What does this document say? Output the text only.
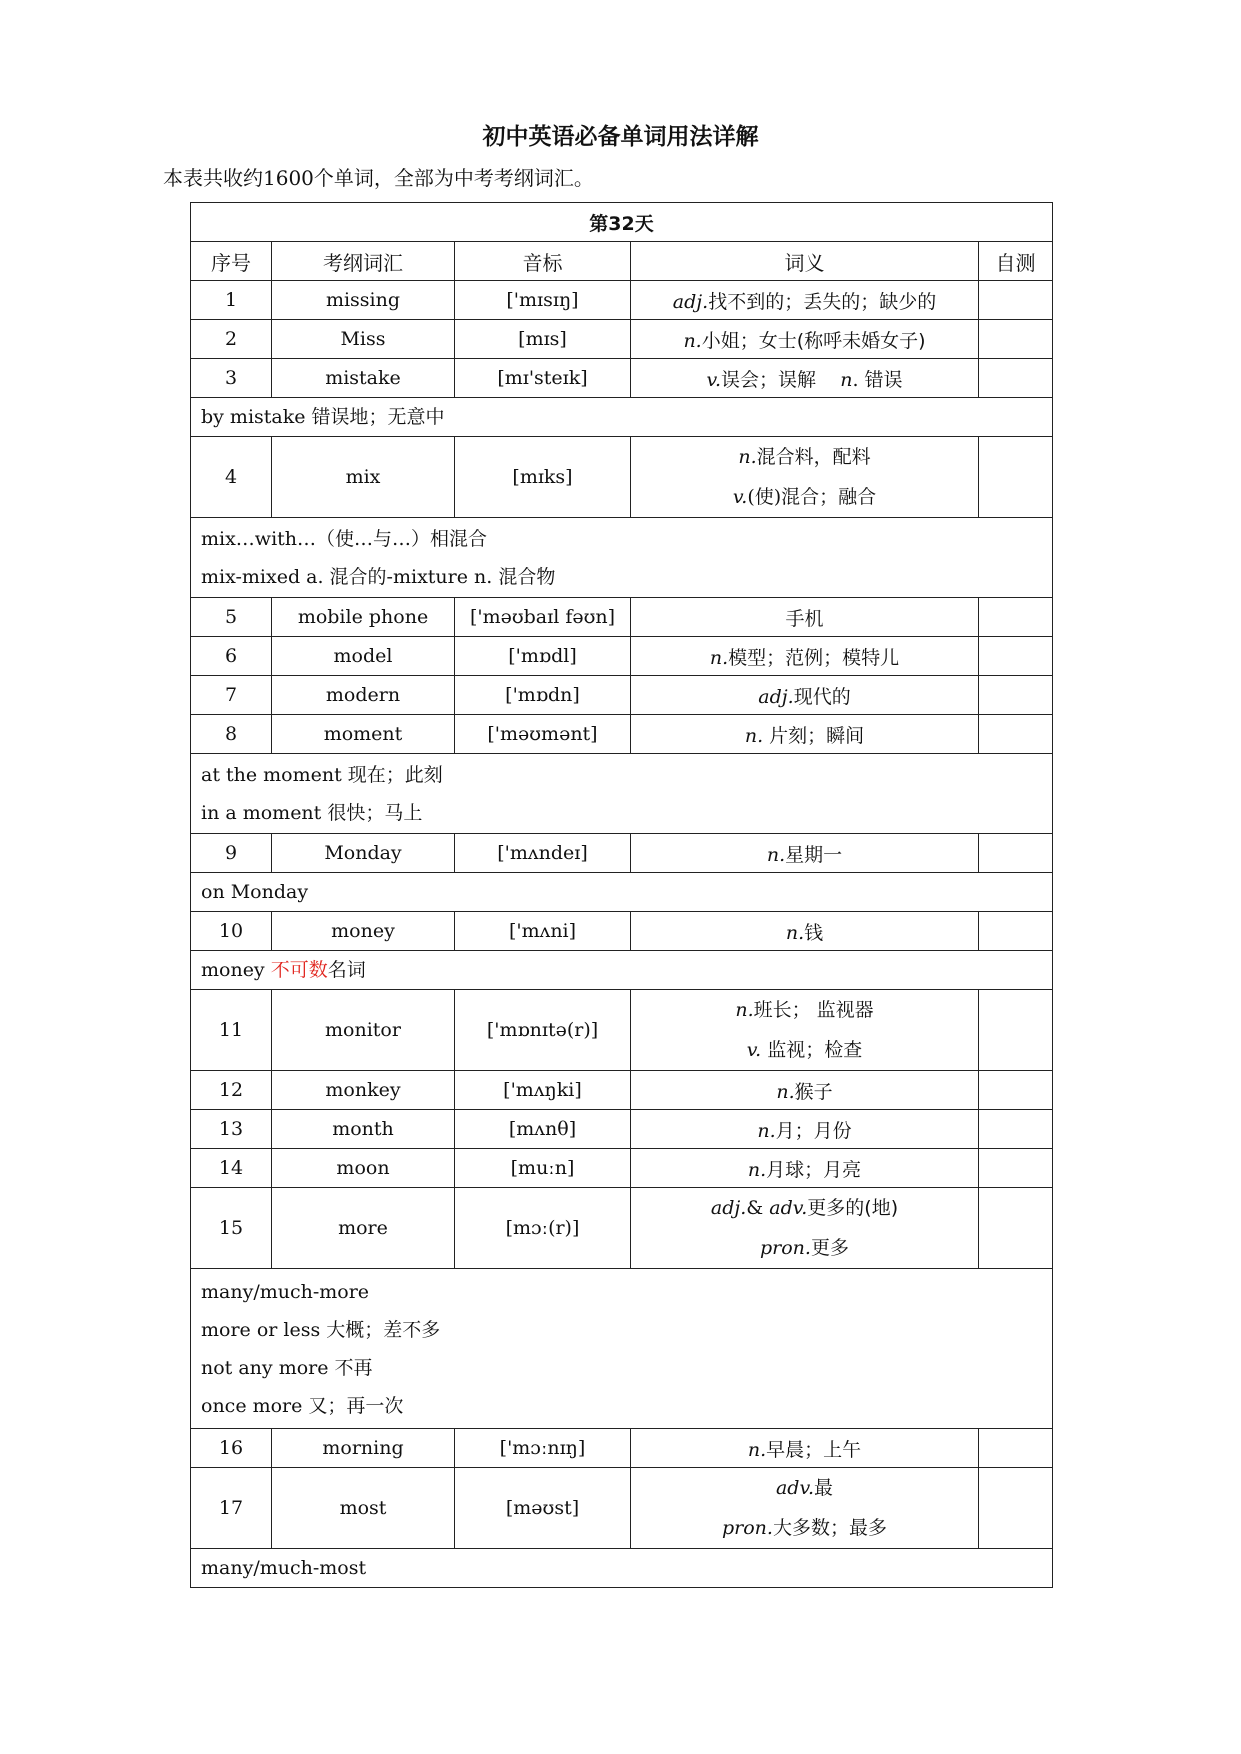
初中英语必备单词用法详解
本表共收约1600个单词，全部为中考考纲词汇。
第32天				
序号	考纲词汇	音标	词义	自测
1	missing	['mɪsɪŋ]	adj.找不到的；丢失的；缺少的	
2	Miss	[mɪs]	n.小姐；女士(称呼未婚女子)	
3	mistake	[mɪ'steɪk]	v.误会；误解 n. 错误	

by mistake 错误地；无意中				

4	mix	[mɪks]	n.混合料，配料
v.(使)混合；融合	

mix…with…（使…与…）相混合
mix-mixed a. 混合的-mixture n. 混合物				

5	mobile phone	['məʊbaɪl fəʊn]	手机	
6	model	['mɒdl]	n.模型；范例；模特儿	
7	modern	['mɒdn]	adj.现代的	
8	moment	['məʊmənt]	n. 片刻；瞬间	

at the moment 现在；此刻
in a moment 很快；马上				

9	Monday	['mʌndeɪ]	n.星期一	

on Monday				

10	money	['mʌni]	n.钱	

money 不可数名词				

11	monitor	['mɒnɪtə(r)]	n.班长； 监视器
v. 监视；检查	

12	monkey	['mʌŋki]	n.猴子	
13	month	[mʌnθ]	n.月；月份	
14	moon	[muːn]	n.月球；月亮	
15	more	[mɔː(r)]	adj.& adv.更多的(地)
pron.更多	

many/much-more
more or less 大概；差不多
not any more 不再
once more 又；再一次				

16	morning	['mɔːnɪŋ]	n.早晨；上午	
17	most	[məʊst]	adv.最
pron.大多数；最多	

many/much-most				
